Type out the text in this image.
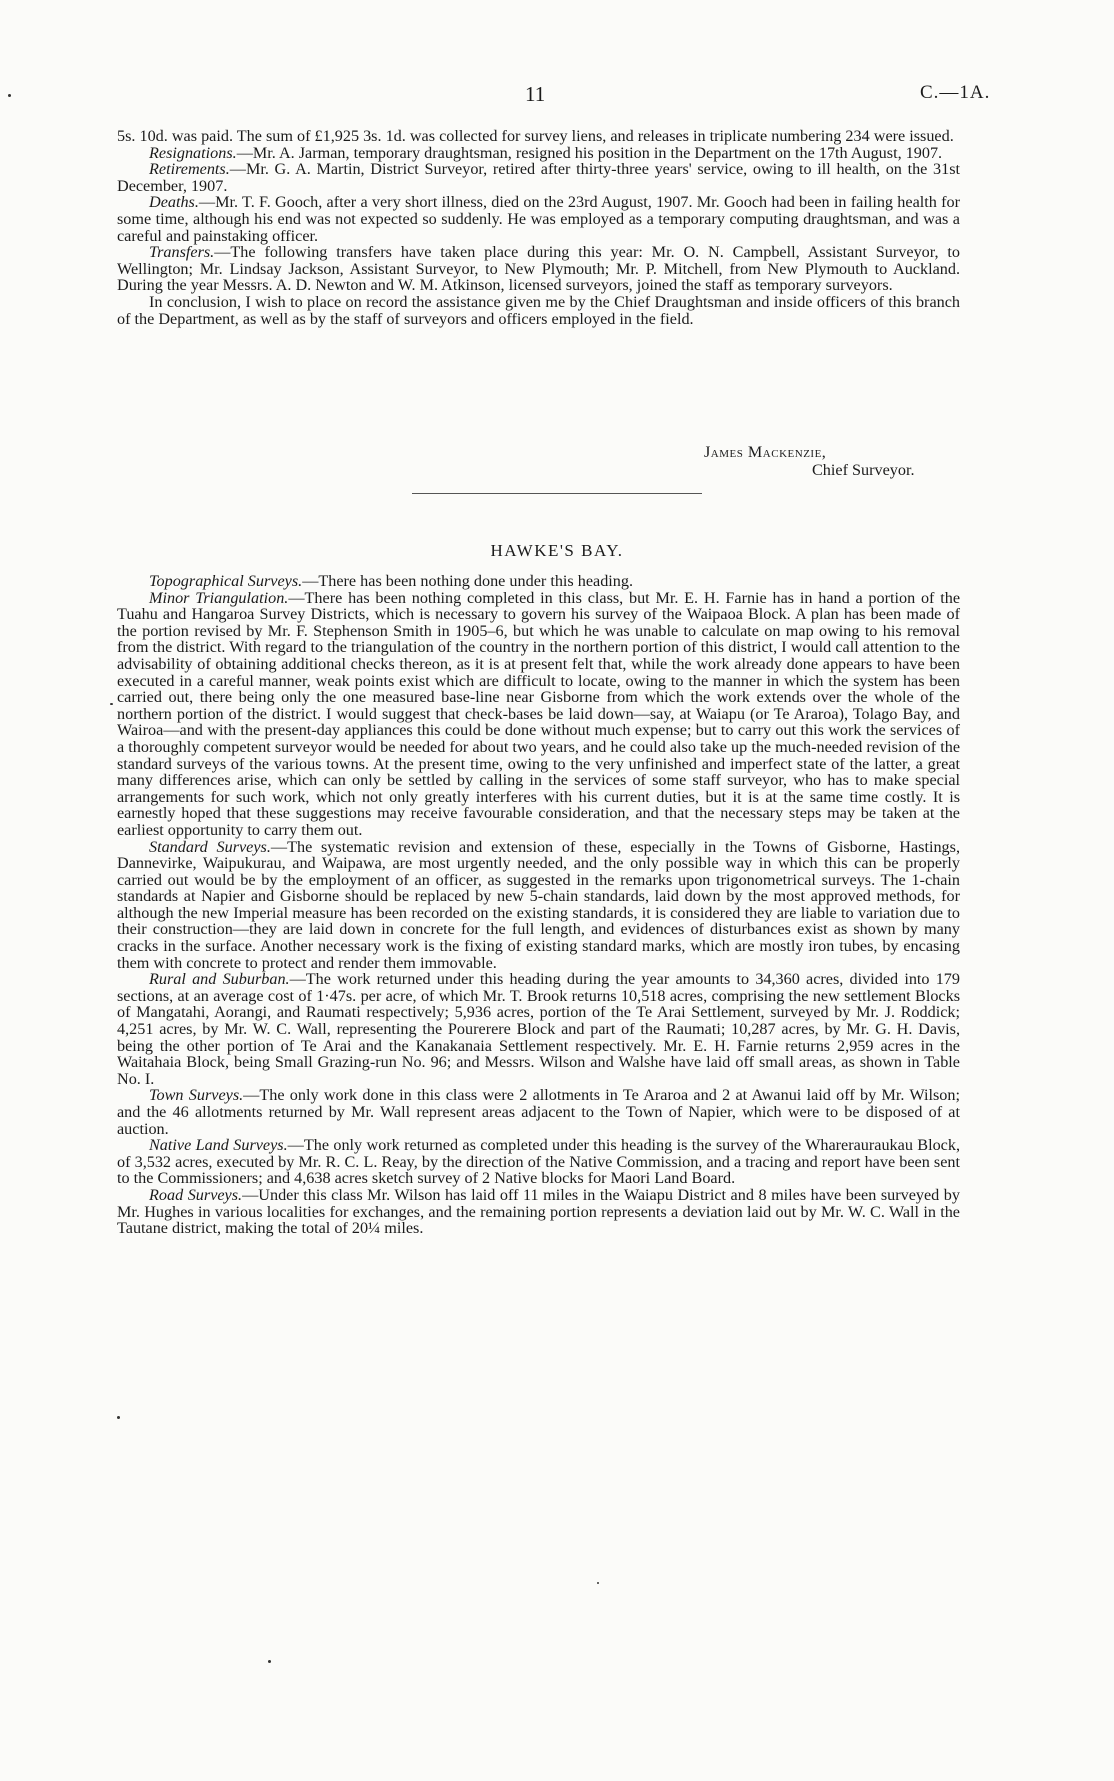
11	C.—1A.

5s. 10d. was paid. The sum of £1,925 3s. 1d. was collected for survey liens, and releases in triplicate numbering 234 were issued.

Resignations.—Mr. A. Jarman, temporary draughtsman, resigned his position in the Department on the 17th August, 1907.

Retirements.—Mr. G. A. Martin, District Surveyor, retired after thirty-three years' service, owing to ill health, on the 31st December, 1907.

Deaths.—Mr. T. F. Gooch, after a very short illness, died on the 23rd August, 1907. Mr. Gooch had been in failing health for some time, although his end was not expected so suddenly. He was employed as a temporary computing draughtsman, and was a careful and painstaking officer.

Transfers.—The following transfers have taken place during this year: Mr. O. N. Campbell, Assistant Surveyor, to Wellington; Mr. Lindsay Jackson, Assistant Surveyor, to New Plymouth; Mr. P. Mitchell, from New Plymouth to Auckland. During the year Messrs. A. D. Newton and W. M. Atkinson, licensed surveyors, joined the staff as temporary surveyors.

In conclusion, I wish to place on record the assistance given me by the Chief Draughtsman and inside officers of this branch of the Department, as well as by the staff of surveyors and officers employed in the field.

James Mackenzie,
Chief Surveyor.
HAWKE'S BAY.

Topographical Surveys.—There has been nothing done under this heading.

Minor Triangulation.—There has been nothing completed in this class, but Mr. E. H. Farnie has in hand a portion of the Tuahu and Hangaroa Survey Districts, which is necessary to govern his survey of the Waipaoa Block. A plan has been made of the portion revised by Mr. F. Stephenson Smith in 1905–6, but which he was unable to calculate on map owing to his removal from the district. With regard to the triangulation of the country in the northern portion of this district, I would call attention to the advisability of obtaining additional checks thereon, as it is at present felt that, while the work already done appears to have been executed in a careful manner, weak points exist which are difficult to locate, owing to the manner in which the system has been carried out, there being only the one measured base-line near Gisborne from which the work extends over the whole of the northern portion of the district. I would suggest that check-bases be laid down—say, at Waiapu (or Te Araroa), Tolago Bay, and Wairoa—and with the present-day appliances this could be done without much expense; but to carry out this work the services of a thoroughly competent surveyor would be needed for about two years, and he could also take up the much-needed revision of the standard surveys of the various towns. At the present time, owing to the very unfinished and imperfect state of the latter, a great many differences arise, which can only be settled by calling in the services of some staff surveyor, who has to make special arrangements for such work, which not only greatly interferes with his current duties, but it is at the same time costly. It is earnestly hoped that these suggestions may receive favourable consideration, and that the necessary steps may be taken at the earliest opportunity to carry them out.

Standard Surveys.—The systematic revision and extension of these, especially in the Towns of Gisborne, Hastings, Dannevirke, Waipukurau, and Waipawa, are most urgently needed, and the only possible way in which this can be properly carried out would be by the employment of an officer, as suggested in the remarks upon trigonometrical surveys. The 1-chain standards at Napier and Gisborne should be replaced by new 5-chain standards, laid down by the most approved methods, for although the new Imperial measure has been recorded on the existing standards, it is considered they are liable to variation due to their construction—they are laid down in concrete for the full length, and evidences of disturbances exist as shown by many cracks in the surface. Another necessary work is the fixing of existing standard marks, which are mostly iron tubes, by encasing them with concrete to protect and render them immovable.

Rural and Suburban.—The work returned under this heading during the year amounts to 34,360 acres, divided into 179 sections, at an average cost of 1·47s. per acre, of which Mr. T. Brook returns 10,518 acres, comprising the new settlement Blocks of Mangatahi, Aorangi, and Raumati respectively; 5,936 acres, portion of the Te Arai Settlement, surveyed by Mr. J. Roddick; 4,251 acres, by Mr. W. C. Wall, representing the Pourerere Block and part of the Raumati; 10,287 acres, by Mr. G. H. Davis, being the other portion of Te Arai and the Kanakanaia Settlement respectively. Mr. E. H. Farnie returns 2,959 acres in the Waitahaia Block, being Small Grazing-run No. 96; and Messrs. Wilson and Walshe have laid off small areas, as shown in Table No. I.

Town Surveys.—The only work done in this class were 2 allotments in Te Araroa and 2 at Awanui laid off by Mr. Wilson; and the 46 allotments returned by Mr. Wall represent areas adjacent to the Town of Napier, which were to be disposed of at auction.

Native Land Surveys.—The only work returned as completed under this heading is the survey of the Wharerauraukau Block, of 3,532 acres, executed by Mr. R. C. L. Reay, by the direction of the Native Commission, and a tracing and report have been sent to the Commissioners; and 4,638 acres sketch survey of 2 Native blocks for Maori Land Board.

Road Surveys.—Under this class Mr. Wilson has laid off 11 miles in the Waiapu District and 8 miles have been surveyed by Mr. Hughes in various localities for exchanges, and the remaining portion represents a deviation laid out by Mr. W. C. Wall in the Tautane district, making the total of 20¼ miles.
